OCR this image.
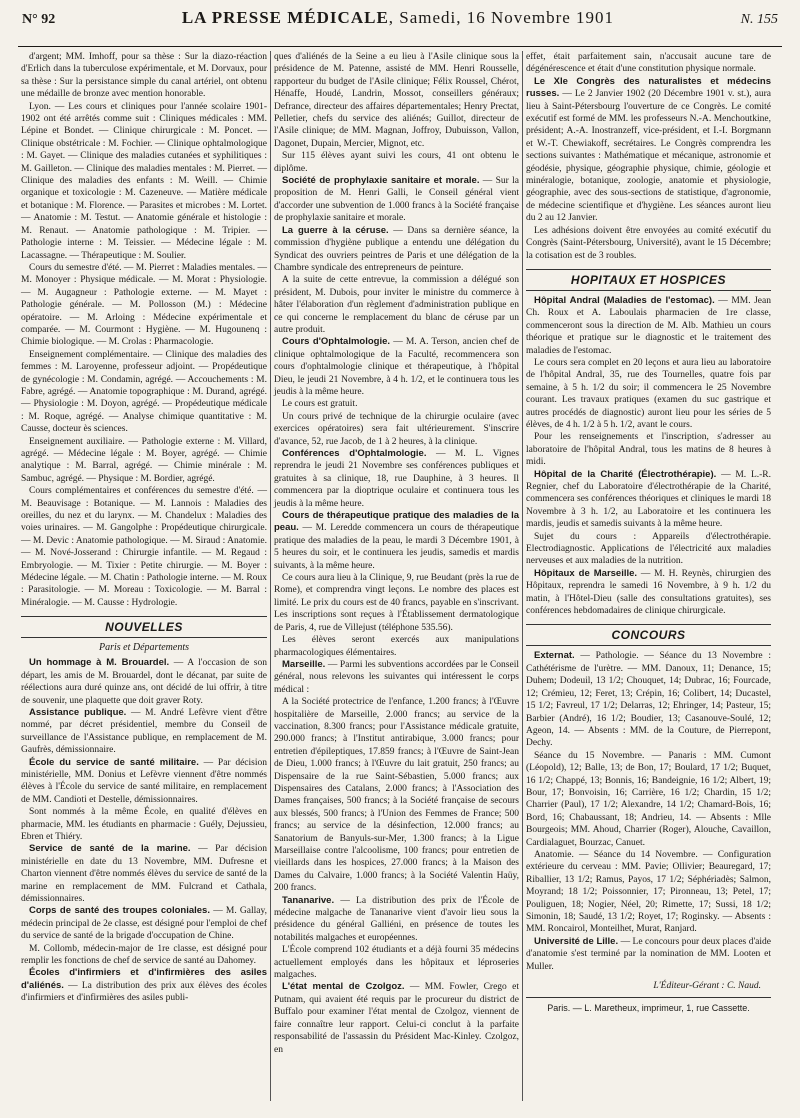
N° 92	LA PRESSE MÉDICALE, Samedi, 16 Novembre 1901	N. 155

d'argent; MM. Imhoff, pour sa thèse : Sur la diazo-réaction d'Erlich dans la tuberculose expérimentale, et M. Dorvaux, pour sa thèse : Sur la persistance simple du canal artériel, ont obtenu une médaille de bronze avec mention honorable.

Lyon. — Les cours et cliniques pour l'année scolaire 1901-1902 ont été arrêtés comme suit : Cliniques médicales : MM. Lépine et Bondet. — Clinique chirurgicale : M. Poncet. — Clinique obstétricale : M. Fochier. — Clinique ophtalmologique : M. Gayet. — Clinique des maladies cutanées et syphilitiques : M. Gailleton. — Clinique des maladies mentales : M. Pierret. — Clinique des maladies des enfants : M. Weill. — Chimie organique et toxicologie : M. Cazeneuve. — Matière médicale et botanique : M. Florence. — Parasites et microbes : M. Lortet. — Anatomie : M. Testut. — Anatomie générale et histologie : M. Renaut. — Anatomie pathologique : M. Tripier. — Pathologie interne : M. Teissier. — Médecine légale : M. Lacassagne. — Thérapeutique : M. Soulier.

Cours du semestre d'été. — M. Pierret : Maladies mentales. — M. Monoyer : Physique médicale. — M. Morat : Physiologie. — M. Augagneur : Pathologie externe. — M. Mayet : Pathologie générale. — M. Pollosson (M.) : Médecine opératoire. — M. Arloing : Médecine expérimentale et comparée. — M. Courmont : Hygiène. — M. Hugounenq : Chimie biologique. — M. Crolas : Pharmacologie.

Enseignement complémentaire. — Clinique des maladies des femmes : M. Laroyenne, professeur adjoint. — Propédeutique de gynécologie : M. Condamin, agrégé. — Accouchements : M. Fabre, agrégé. — Anatomie topographique : M. Durand, agrégé. — Physiologie : M. Doyon, agrégé. — Propédeutique médicale : M. Roque, agrégé. — Analyse chimique quantitative : M. Causse, docteur ès sciences.

Enseignement auxiliaire. — Pathologie externe : M. Villard, agrégé. — Médecine légale : M. Boyer, agrégé. — Chimie analytique : M. Barral, agrégé. — Chimie minérale : M. Sambuc, agrégé. — Physique : M. Bordier, agrégé.

Cours complémentaires et conférences du semestre d'été. — M. Beauvisage : Botanique. — M. Lannois : Maladies des oreilles, du nez et du larynx. — M. Chandelux : Maladies des voies urinaires. — M. Gangolphe : Propédeutique chirurgicale. — M. Devic : Anatomie pathologique. — M. Siraud : Anatomie. — M. Nové-Josserand : Chirurgie infantile. — M. Regaud : Embryologie. — M. Tixier : Petite chirurgie. — M. Boyer : Médecine légale. — M. Chatin : Pathologie interne. — M. Roux : Parasitologie. — M. Moreau : Toxicologie. — M. Barral : Minéralogie. — M. Causse : Hydrologie.

NOUVELLES
Paris et Départements

Un hommage à M. Brouardel. — A l'occasion de son départ, les amis de M. Brouardel, dont le décanat, par suite de réélections aura duré quinze ans, ont décidé de lui offrir, à titre de souvenir, une plaquette que doit graver Roty.

Assistance publique. — M. André Lefèvre vient d'être nommé, par décret présidentiel, membre du Conseil de surveillance de l'Assistance publique, en remplacement de M. Gaufrès, démissionnaire.

École du service de santé militaire. — Par décision ministérielle, MM. Donius et Lefèvre viennent d'être nommés élèves à l'École du service de santé militaire, en remplacement de MM. Candioti et Destelle, démissionnaires.

Sont nommés à la même École, en qualité d'élèves en pharmacie, MM. les étudiants en pharmacie : Guély, Dejussieu, Ebren et Thiéry.

Service de santé de la marine. — Par décision ministérielle en date du 13 Novembre, MM. Dufresne et Charton viennent d'être nommés élèves du service de santé de la marine en remplacement de MM. Fulcrand et Cathala, démissionnaires.

Corps de santé des troupes coloniales. — M. Gallay, médecin principal de 2e classe, est désigné pour l'emploi de chef du service de santé de la brigade d'occupation de Chine.

M. Collomb, médecin-major de 1re classe, est désigné pour remplir les fonctions de chef de service de santé au Dahomey.

Écoles d'infirmiers et d'infirmières des asiles d'aliénés. — La distribution des prix aux élèves des écoles d'infirmiers et d'infirmières des asiles publi-

ques d'aliénés de la Seine a eu lieu à l'Asile clinique sous la présidence de M. Patenne, assisté de MM. Henri Rousselle, rapporteur du budget de l'Asile clinique; Félix Roussel, Chérot, Hénaffe, Houdé, Landrin, Mossot, conseillers généraux; Defrance, directeur des affaires départementales; Henry Prectat, Pelletier, chefs du service des aliénés; Guillot, directeur de l'Asile clinique; de MM. Magnan, Joffroy, Dubuisson, Vallon, Dagonet, Dupain, Mercier, Mignot, etc.

Sur 115 élèves ayant suivi les cours, 41 ont obtenu le diplôme.

Société de prophylaxie sanitaire et morale. — Sur la proposition de M. Henri Galli, le Conseil général vient d'accorder une subvention de 1.000 francs à la Société française de prophylaxie sanitaire et morale.

La guerre à la céruse. — Dans sa dernière séance, la commission d'hygiène publique a entendu une délégation du Syndicat des ouvriers peintres de Paris et une délégation de la Chambre syndicale des entrepreneurs de peinture.

A la suite de cette entrevue, la commission a délégué son président, M. Dubois, pour inviter le ministre du commerce à hâter l'élaboration d'un règlement d'administration publique en ce qui concerne le remplacement du blanc de céruse par un autre produit.

Cours d'Ophtalmologie. — M. A. Terson, ancien chef de clinique ophtalmologique de la Faculté, recommencera son cours d'ophtalmologie clinique et thérapeutique, à l'hôpital Dieu, le jeudi 21 Novembre, à 4 h. 1/2, et le continuera tous les jeudis à la même heure.

Le cours est gratuit.

Un cours privé de technique de la chirurgie oculaire (avec exercices opératoires) sera fait ultérieurement. S'inscrire d'avance, 52, rue Jacob, de 1 à 2 heures, à la clinique.

Conférences d'Ophtalmologie. — M. L. Vignes reprendra le jeudi 21 Novembre ses conférences publiques et gratuites à sa clinique, 18, rue Dauphine, à 3 heures. Il commencera par la dioptrique oculaire et continuera tous les jeudis à la même heure.

Cours de thérapeutique pratique des maladies de la peau. — M. Leredde commencera un cours de thérapeutique pratique des maladies de la peau, le mardi 3 Décembre 1901, à 5 heures du soir, et le continuera les jeudis, samedis et mardis suivants, à la même heure.

Ce cours aura lieu à la Clinique, 9, rue Beudant (près la rue de Rome), et comprendra vingt leçons. Le nombre des places est limité. Le prix du cours est de 40 francs, payable en s'inscrivant. Les inscriptions sont reçues à l'Établissement dermatologique de Paris, 4, rue de Villejust (téléphone 535.56).

Les élèves seront exercés aux manipulations pharmacologiques élémentaires.

Marseille. — Parmi les subventions accordées par le Conseil général, nous relevons les suivantes qui intéressent le corps médical :

A la Société protectrice de l'enfance, 1.200 francs; à l'Œuvre hospitalière de Marseille, 2.000 francs; au service de la vaccination, 8.300 francs; pour l'Assistance médicale gratuite, 290.000 francs; à l'Institut antirabique, 3.000 francs; pour entretien d'épileptiques, 17.859 francs; à l'Œuvre de Saint-Jean de Dieu, 1.000 francs; à l'Œuvre du lait gratuit, 250 francs; au Dispensaire de la rue Saint-Sébastien, 5.000 francs; aux Dispensaires des Catalans, 2.000 francs; à l'Association des Dames françaises, 500 francs; à la Société française de secours aux blessés, 500 francs; à l'Union des Femmes de France; 500 francs; au service de la désinfection, 12.000 francs; au Sanatorium de Banyuls-sur-Mer, 1.300 francs; à la Ligue Marseillaise contre l'alcoolisme, 100 francs; pour entretien de vieillards dans les hospices, 27.000 francs; à la Maison des Dames du Calvaire, 1.000 francs; à la Société Valentin Haüy, 200 francs.

Tananarive. — La distribution des prix de l'École de médecine malgache de Tananarive vient d'avoir lieu sous la présidence du général Galliéni, en présence de toutes les notabilités malgaches et européennes.

L'École comprend 102 étudiants et a déjà fourni 35 médecins actuellement employés dans les hôpitaux et léproseries malgaches.

L'état mental de Czolgoz. — MM. Fowler, Crego et Putnam, qui avaient été requis par le procureur du district de Buffalo pour examiner l'état mental de Czolgoz, viennent de faire connaître leur rapport. Celui-ci conclut à la parfaite responsabilité de l'assassin du Président Mac-Kinley. Czolgoz, en

effet, était parfaitement sain, n'accusait aucune tare de dégénérescence et était d'une constitution physique normale.

Le XIe Congrès des naturalistes et médecins russes. — Le 2 Janvier 1902 (20 Décembre 1901 v. st.), aura lieu à Saint-Pétersbourg l'ouverture de ce Congrès. Le comité exécutif est formé de MM. les professeurs N.-A. Menchoutkine, président; A.-A. Inostranzeff, vice-président, et I.-I. Borgmann et W.-T. Chewiakoff, secrétaires. Le Congrès comprendra les sections suivantes : Mathématique et mécanique, astronomie et géodésie, physique, géographie physique, chimie, géologie et minéralogie, botanique, zoologie, anatomie et physiologie, géographie, avec des sous-sections de statistique, d'agronomie, de médecine scientifique et d'hygiène. Les séances auront lieu du 2 au 12 Janvier.

Les adhésions doivent être envoyées au comité exécutif du Congrès (Saint-Pétersbourg, Université), avant le 15 Décembre; la cotisation est de 3 roubles.

HOPITAUX ET HOSPICES

Hôpital Andral (Maladies de l'estomac). — MM. Jean Ch. Roux et A. Laboulais pharmacien de 1re classe, commenceront sous la direction de M. Alb. Mathieu un cours théorique et pratique sur le diagnostic et le traitement des maladies de l'estomac.

Le cours sera complet en 20 leçons et aura lieu au laboratoire de l'hôpital Andral, 35, rue des Tournelles, quatre fois par semaine, à 5 h. 1/2 du soir; il commencera le 25 Novembre courant. Les travaux pratiques (examen du suc gastrique et autres procédés de diagnostic) auront lieu pour les séries de 5 élèves, de 4 h. 1/2 à 5 h. 1/2, avant le cours.

Pour les renseignements et l'inscription, s'adresser au laboratoire de l'hôpital Andral, tous les matins de 8 heures à midi.

Hôpital de la Charité (Électrothérapie). — M. L.-R. Regnier, chef du Laboratoire d'électrothérapie de la Charité, commencera ses conférences théoriques et cliniques le mardi 18 Novembre à 3 h. 1/2, au Laboratoire et les continuera les mardis, jeudis et samedis suivants à la même heure.

Sujet du cours : Appareils d'électrothérapie. Electrodiagnostic. Applications de l'électricité aux maladies nerveuses et aux maladies de la nutrition.

Hôpitaux de Marseille. — M. H. Reynès, chirurgien des Hôpitaux, reprendra le samedi 16 Novembre, à 9 h. 1/2 du matin, à l'Hôtel-Dieu (salle des consultations gratuites), ses conférences hebdomadaires de clinique chirurgicale.

CONCOURS

Externat. — Pathologie. — Séance du 13 Novembre : Cathétérisme de l'urètre. — MM. Danoux, 11; Denance, 15; Duhem; Dodeuil, 13 1/2; Chouquet, 14; Dubrac, 16; Fourcade, 12; Crémieu, 12; Feret, 13; Crépin, 16; Colibert, 14; Ducastel, 15 1/2; Favreul, 17 1/2; Delarras, 12; Ehringer, 14; Pasteur, 15; Barbier (André), 16 1/2; Boudier, 13; Casanouve-Soulé, 12; Ageon, 14. — Absents : MM. de la Couture, de Pierrepont, Dechy.

Séance du 15 Novembre. — Panaris : MM. Cumont (Léopold), 12; Balle, 13; de Bon, 17; Boulard, 17 1/2; Buquet, 16 1/2; Chappé, 13; Bonnis, 16; Bandeignie, 16 1/2; Albert, 19; Bour, 17; Bonvoisin, 16; Carrière, 16 1/2; Chardin, 15 1/2; Charrier (Paul), 17 1/2; Alexandre, 14 1/2; Chamard-Bois, 16; Bord, 16; Chabaussant, 18; Andrieu, 14. — Absents : Mlle Bourgeois; MM. Ahoud, Charrier (Roger), Alouche, Cavaillon, Cardialaguet, Bourzac, Canuet.

Anatomie. — Séance du 14 Novembre. — Configuration extérieure du cerveau : MM. Pavie; Ollivier; Beauregard, 17; Riballier, 13 1/2; Ramus, Payos, 17 1/2; Séphériadès; Salmon, Moyrand; 18 1/2; Poissonnier, 17; Pironneau, 13; Petel, 17; Pouliguen, 18; Nogier, Néel, 20; Rimette, 17; Sussi, 18 1/2; Simonin, 18; Saudé, 13 1/2; Royet, 17; Roginsky. — Absents : MM. Roncairol, Monteilhet, Murat, Ranjard.

Université de Lille. — Le concours pour deux places d'aide d'anatomie s'est terminé par la nomination de MM. Looten et Muller.

L'Éditeur-Gérant : C. Naud.
Paris. — L. Maretheux, imprimeur, 1, rue Cassette.
